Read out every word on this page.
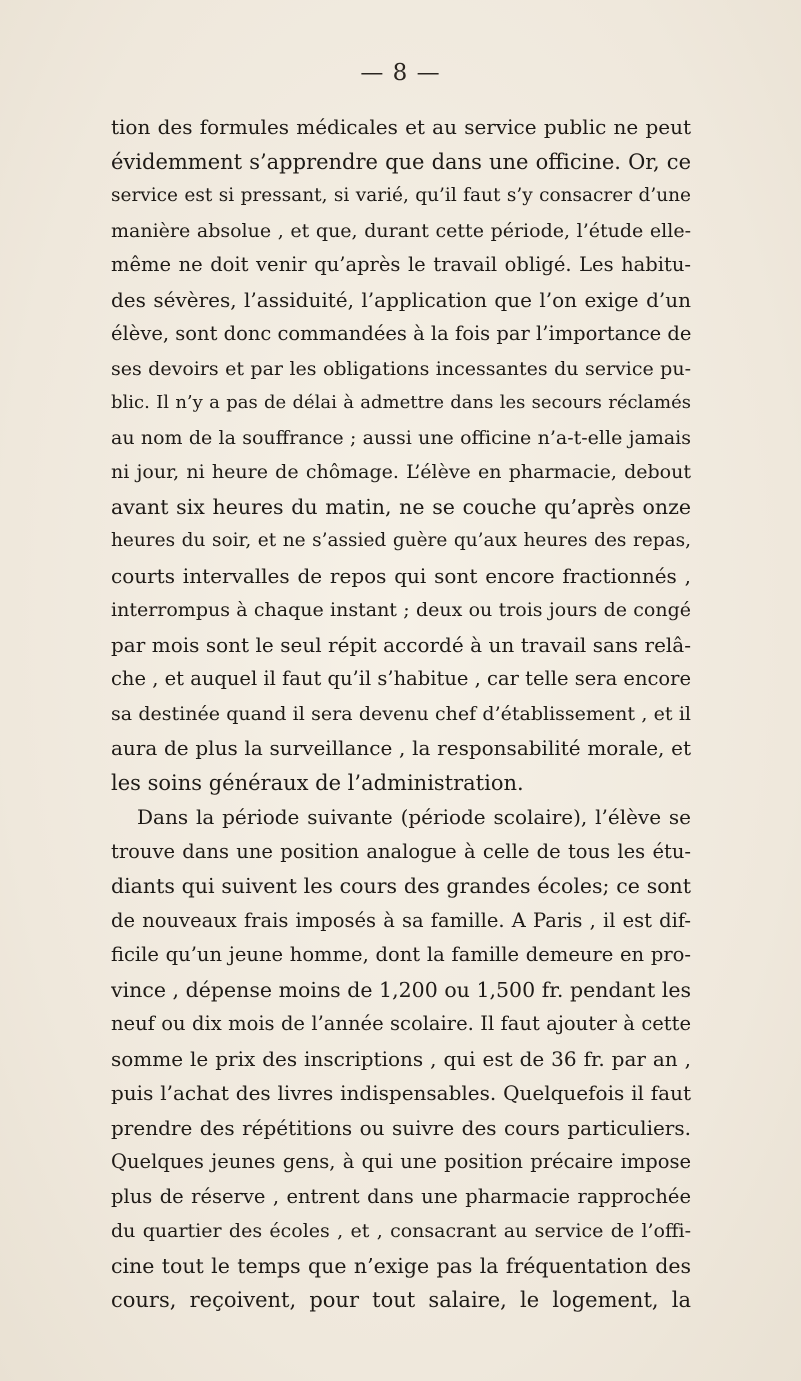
— 8 —
tion des formules médicales et au service public ne peut
évidemment s’apprendre que dans une officine. Or, ce
service est si pressant, si varié, qu’il faut s’y consacrer d’une
manière absolue , et que, durant cette période, l’étude elle-
même ne doit venir qu’après le travail obligé. Les habitu-
des sévères, l’assiduité, l’application que l’on exige d’un
élève, sont donc commandées à la fois par l’importance de
ses devoirs et par les obligations incessantes du service pu-
blic. Il n’y a pas de délai à admettre dans les secours réclamés
au nom de la souffrance ; aussi une officine n’a-t-elle jamais
ni jour, ni heure de chômage. L’élève en pharmacie, debout
avant six heures du matin, ne se couche qu’après onze
heures du soir, et ne s’assied guère qu’aux heures des repas,
courts intervalles de repos qui sont encore fractionnés ,
interrompus à chaque instant ; deux ou trois jours de congé
par mois sont le seul répit accordé à un travail sans relâ-
che , et auquel il faut qu’il s’habitue , car telle sera encore
sa destinée quand il sera devenu chef d’établissement , et il
aura de plus la surveillance , la responsabilité morale, et
les soins généraux de l’administration.
Dans la période suivante (période scolaire), l’élève se
trouve dans une position analogue à celle de tous les étu-
diants qui suivent les cours des grandes écoles; ce sont
de nouveaux frais imposés à sa famille. A Paris , il est dif-
ficile qu’un jeune homme, dont la famille demeure en pro-
vince , dépense moins de 1,200 ou 1,500 fr. pendant les
neuf ou dix mois de l’année scolaire. Il faut ajouter à cette
somme le prix des inscriptions , qui est de 36 fr. par an ,
puis l’achat des livres indispensables. Quelquefois il faut
prendre des répétitions ou suivre des cours particuliers.
Quelques jeunes gens, à qui une position précaire impose
plus de réserve , entrent dans une pharmacie rapprochée
du quartier des écoles , et , consacrant au service de l’offi-
cine tout le temps que n’exige pas la fréquentation des
cours, reçoivent, pour tout salaire, le logement, la
